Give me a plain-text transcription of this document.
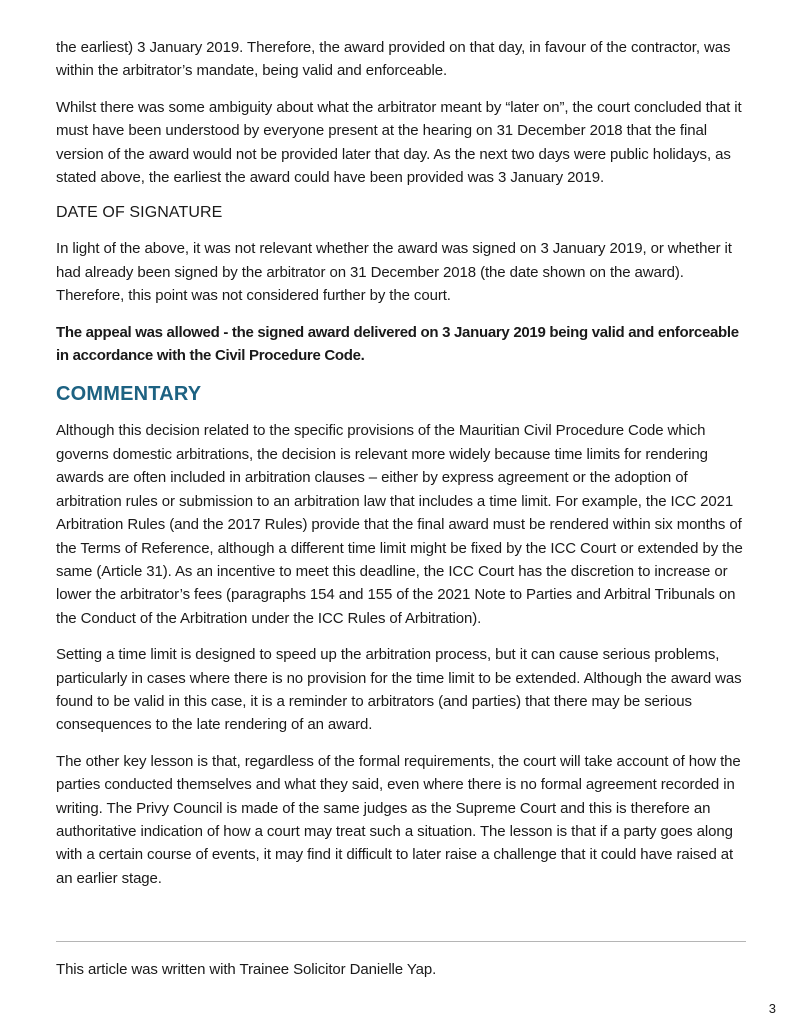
the earliest) 3 January 2019. Therefore, the award provided on that day, in favour of the contractor, was within the arbitrator’s mandate, being valid and enforceable.

Whilst there was some ambiguity about what the arbitrator meant by “later on”, the court concluded that it must have been understood by everyone present at the hearing on 31 December 2018 that the final version of the award would not be provided later that day. As the next two days were public holidays, as stated above, the earliest the award could have been provided was 3 January 2019.

DATE OF SIGNATURE

In light of the above, it was not relevant whether the award was signed on 3 January 2019, or whether it had already been signed by the arbitrator on 31 December 2018 (the date shown on the award). Therefore, this point was not considered further by the court.

The appeal was allowed - the signed award delivered on 3 January 2019 being valid and enforceable in accordance with the Civil Procedure Code.

COMMENTARY

Although this decision related to the specific provisions of the Mauritian Civil Procedure Code which governs domestic arbitrations, the decision is relevant more widely because time limits for rendering awards are often included in arbitration clauses – either by express agreement or the adoption of arbitration rules or submission to an arbitration law that includes a time limit. For example, the ICC 2021 Arbitration Rules (and the 2017 Rules) provide that the final award must be rendered within six months of the Terms of Reference, although a different time limit might be fixed by the ICC Court or extended by the same (Article 31). As an incentive to meet this deadline, the ICC Court has the discretion to increase or lower the arbitrator’s fees (paragraphs 154 and 155 of the 2021 Note to Parties and Arbitral Tribunals on the Conduct of the Arbitration under the ICC Rules of Arbitration).

Setting a time limit is designed to speed up the arbitration process, but it can cause serious problems, particularly in cases where there is no provision for the time limit to be extended. Although the award was found to be valid in this case, it is a reminder to arbitrators (and parties) that there may be serious consequences to the late rendering of an award.

The other key lesson is that, regardless of the formal requirements, the court will take account of how the parties conducted themselves and what they said, even where there is no formal agreement recorded in writing. The Privy Council is made of the same judges as the Supreme Court and this is therefore an authoritative indication of how a court may treat such a situation. The lesson is that if a party goes along with a certain course of events, it may find it difficult to later raise a challenge that it could have raised at an earlier stage.

This article was written with Trainee Solicitor Danielle Yap.

3
